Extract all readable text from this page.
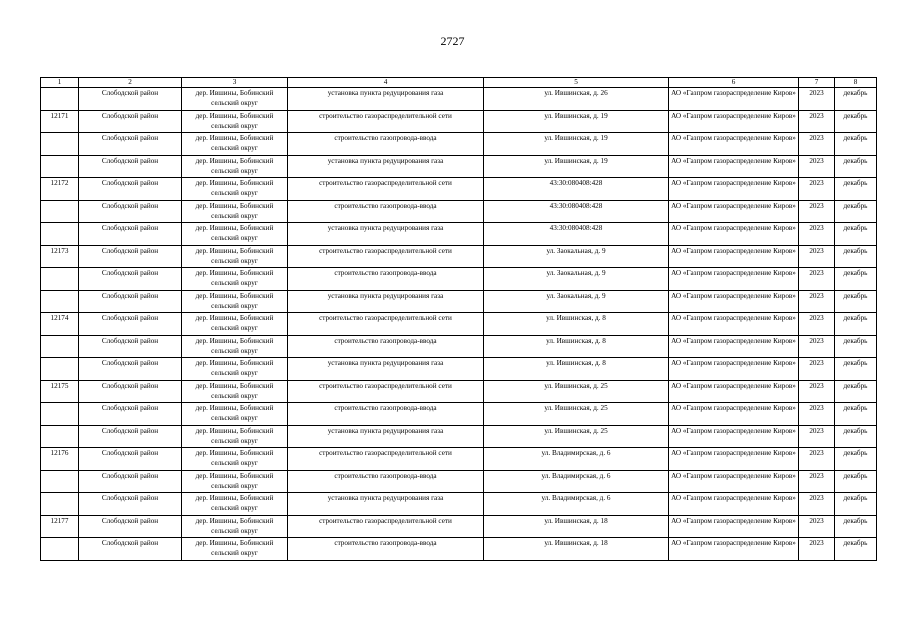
2727
1	2	3	4	5	6	7	8
	Слободской район	дер. Ившины, Бобинский сельский округ	установка пункта редуцирования газа	ул. Ившинская, д. 26	АО «Газпром газораспределение Киров»	2023	декабрь
12171	Слободской район	дер. Ившины, Бобинский сельский округ	строительство газораспределительной сети	ул. Ившинская, д. 19	АО «Газпром газораспределение Киров»	2023	декабрь
	Слободской район	дер. Ившины, Бобинский сельский округ	строительство газопровода-ввода	ул. Ившинская, д. 19	АО «Газпром газораспределение Киров»	2023	декабрь
	Слободской район	дер. Ившины, Бобинский сельский округ	установка пункта редуцирования газа	ул. Ившинская, д. 19	АО «Газпром газораспределение Киров»	2023	декабрь
12172	Слободской район	дер. Ившины, Бобинский сельский округ	строительство газораспределительной сети	43:30:080408:428	АО «Газпром газораспределение Киров»	2023	декабрь
	Слободской район	дер. Ившины, Бобинский сельский округ	строительство газопровода-ввода	43:30:080408:428	АО «Газпром газораспределение Киров»	2023	декабрь
	Слободской район	дер. Ившины, Бобинский сельский округ	установка пункта редуцирования газа	43:30:080408:428	АО «Газпром газораспределение Киров»	2023	декабрь
12173	Слободской район	дер. Ившины, Бобинский сельский округ	строительство газораспределительной сети	ул. Заокальная, д. 9	АО «Газпром газораспределение Киров»	2023	декабрь
	Слободской район	дер. Ившины, Бобинский сельский округ	строительство газопровода-ввода	ул. Заокальная, д. 9	АО «Газпром газораспределение Киров»	2023	декабрь
	Слободской район	дер. Ившины, Бобинский сельский округ	установка пункта редуцирования газа	ул. Заокальная, д. 9	АО «Газпром газораспределение Киров»	2023	декабрь
12174	Слободской район	дер. Ившины, Бобинский сельский округ	строительство газораспределительной сети	ул. Ившинская, д. 8	АО «Газпром газораспределение Киров»	2023	декабрь
	Слободской район	дер. Ившины, Бобинский сельский округ	строительство газопровода-ввода	ул. Ившинская, д. 8	АО «Газпром газораспределение Киров»	2023	декабрь
	Слободской район	дер. Ившины, Бобинский сельский округ	установка пункта редуцирования газа	ул. Ившинская, д. 8	АО «Газпром газораспределение Киров»	2023	декабрь
12175	Слободской район	дер. Ившины, Бобинский сельский округ	строительство газораспределительной сети	ул. Ившинская, д. 25	АО «Газпром газораспределение Киров»	2023	декабрь
	Слободской район	дер. Ившины, Бобинский сельский округ	строительство газопровода-ввода	ул. Ившинская, д. 25	АО «Газпром газораспределение Киров»	2023	декабрь
	Слободской район	дер. Ившины, Бобинский сельский округ	установка пункта редуцирования газа	ул. Ившинская, д. 25	АО «Газпром газораспределение Киров»	2023	декабрь
12176	Слободской район	дер. Ившины, Бобинский сельский округ	строительство газораспределительной сети	ул. Владимирская, д. 6	АО «Газпром газораспределение Киров»	2023	декабрь
	Слободской район	дер. Ившины, Бобинский сельский округ	строительство газопровода-ввода	ул. Владимирская, д. 6	АО «Газпром газораспределение Киров»	2023	декабрь
	Слободской район	дер. Ившины, Бобинский сельский округ	установка пункта редуцирования газа	ул. Владимирская, д. 6	АО «Газпром газораспределение Киров»	2023	декабрь
12177	Слободской район	дер. Ившины, Бобинский сельский округ	строительство газораспределительной сети	ул. Ившинская, д. 18	АО «Газпром газораспределение Киров»	2023	декабрь
	Слободской район	дер. Ившины, Бобинский сельский округ	строительство газопровода-ввода	ул. Ившинская, д. 18	АО «Газпром газораспределение Киров»	2023	декабрь
